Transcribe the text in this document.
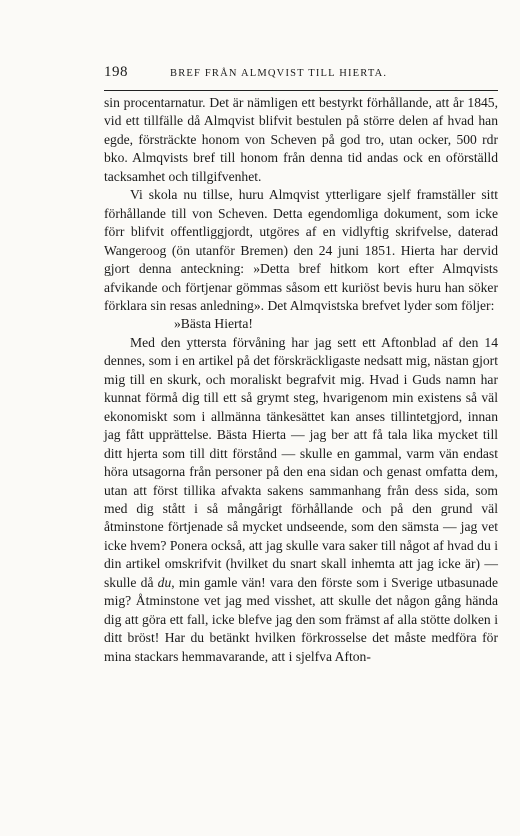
198	BREF FRÅN ALMQVIST TILL HIERTA.

sin procentarnatur. Det är nämligen ett bestyrkt förhållande, att år 1845, vid ett tillfälle då Almqvist blifvit bestulen på större delen af hvad han egde, försträckte honom von Scheven på god tro, utan ocker, 500 rdr bko. Almqvists bref till honom från denna tid andas ock en oförställd tacksamhet och tillgifvenhet.

Vi skola nu tillse, huru Almqvist ytterligare sjelf framställer sitt förhållande till von Scheven. Detta egendomliga dokument, som icke förr blifvit offentliggjordt, utgöres af en vidlyftig skrifvelse, daterad Wangeroog (ön utanför Bremen) den 24 juni 1851. Hierta har dervid gjort denna anteckning: »Detta bref hitkom kort efter Almqvists afvikande och förtjenar gömmas såsom ett kuriöst bevis huru han söker förklara sin resas anledning». Det Almqvistska brefvet lyder som följer:

»Bästa Hierta!

Med den yttersta förvåning har jag sett ett Aftonblad af den 14 dennes, som i en artikel på det förskräckligaste nedsatt mig, nästan gjort mig till en skurk, och moraliskt begrafvit mig. Hvad i Guds namn har kunnat förmå dig till ett så grymt steg, hvarigenom min existens så väl ekonomiskt som i allmänna tänkesättet kan anses tillintetgjord, innan jag fått upprättelse. Bästa Hierta — jag ber att få tala lika mycket till ditt hjerta som till ditt förstånd — skulle en gammal, varm vän endast höra utsagorna från personer på den ena sidan och genast omfatta dem, utan att först tillika afvakta sakens sammanhang från dess sida, som med dig stått i så mångårigt förhållande och på den grund väl åtminstone förtjenade så mycket undseende, som den sämsta — jag vet icke hvem? Ponera också, att jag skulle vara saker till något af hvad du i din artikel omskrifvit (hvilket du snart skall inhemta att jag icke är) — skulle då du, min gamle vän! vara den förste som i Sverige utbasunade mig? Åtminstone vet jag med visshet, att skulle det någon gång hända dig att göra ett fall, icke blefve jag den som främst af alla stötte dolken i ditt bröst! Har du betänkt hvilken förkrosselse det måste medföra för mina stackars hemmavarande, att i sjelfva Afton-
